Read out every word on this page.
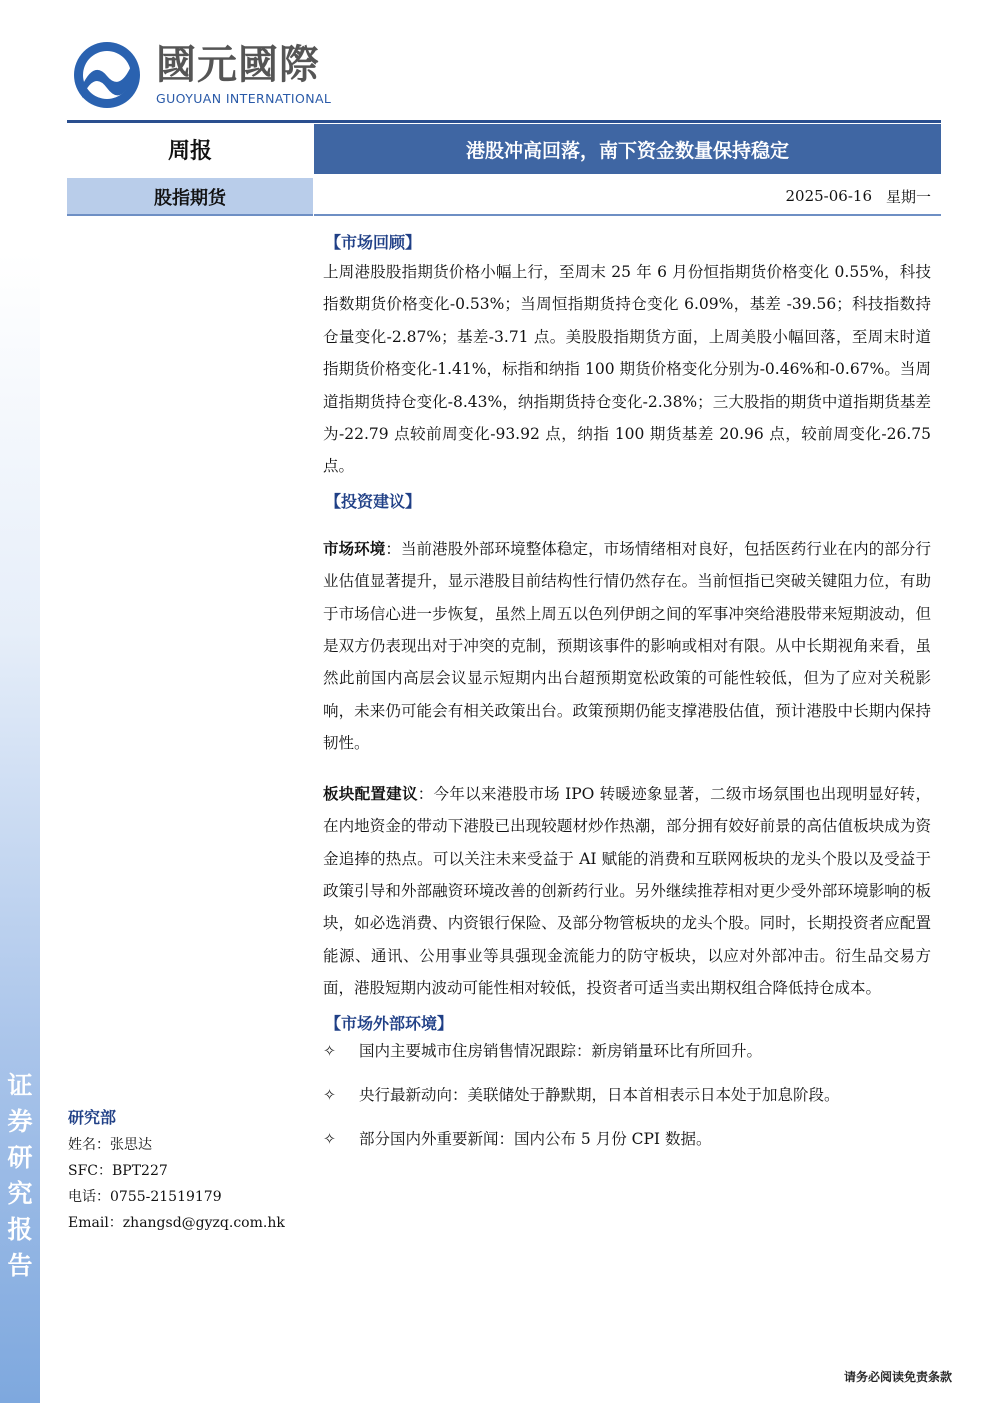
证券研究报告
國元國際
GUOYUAN INTERNATIONAL
周报	港股冲高回落，南下资金数量保持稳定
股指期货	2025-06-16 星期一
【市场回顾】

上周港股股指期货价格小幅上行，至周末 25 年 6 月份恒指期货价格变化 0.55%，科技指数期货价格变化-0.53%；当周恒指期货持仓变化 6.09%，基差 -39.56；科技指数持仓量变化-2.87%；基差-3.71 点。美股股指期货方面，上周美股小幅回落，至周末时道指期货价格变化-1.41%，标指和纳指 100 期货价格变化分别为-0.46%和-0.67%。当周道指期货持仓变化-8.43%，纳指期货持仓变化-2.38%；三大股指的期货中道指期货基差为-22.79 点较前周变化-93.92 点，纳指 100 期货基差 20.96 点，较前周变化-26.75 点。

【投资建议】

市场环境：当前港股外部环境整体稳定，市场情绪相对良好，包括医药行业在内的部分行业估值显著提升，显示港股目前结构性行情仍然存在。当前恒指已突破关键阻力位，有助于市场信心进一步恢复，虽然上周五以色列伊朗之间的军事冲突给港股带来短期波动，但是双方仍表现出对于冲突的克制，预期该事件的影响或相对有限。从中长期视角来看，虽然此前国内高层会议显示短期内出台超预期宽松政策的可能性较低，但为了应对关税影响，未来仍可能会有相关政策出台。政策预期仍能支撑港股估值，预计港股中长期内保持韧性。

板块配置建议：今年以来港股市场 IPO 转暖迹象显著，二级市场氛围也出现明显好转，在内地资金的带动下港股已出现较题材炒作热潮，部分拥有姣好前景的高估值板块成为资金追捧的热点。可以关注未来受益于 AI 赋能的消费和互联网板块的龙头个股以及受益于政策引导和外部融资环境改善的创新药行业。另外继续推荐相对更少受外部环境影响的板块，如必选消费、内资银行保险、及部分物管板块的龙头个股。同时，长期投资者应配置能源、通讯、公用事业等具强现金流能力的防守板块，以应对外部冲击。衍生品交易方面，港股短期内波动可能性相对较低，投资者可适当卖出期权组合降低持仓成本。

【市场外部环境】
✧	国内主要城市住房销售情况跟踪：新房销量环比有所回升。
✧	央行最新动向：美联储处于静默期，日本首相表示日本处于加息阶段。
✧	部分国内外重要新闻：国内公布 5 月份 CPI 数据。
研究部
姓名：张思达
SFC：BPT227
电话：0755-21519179
Email：zhangsd@gyzq.com.hk
请务必阅读免责条款
